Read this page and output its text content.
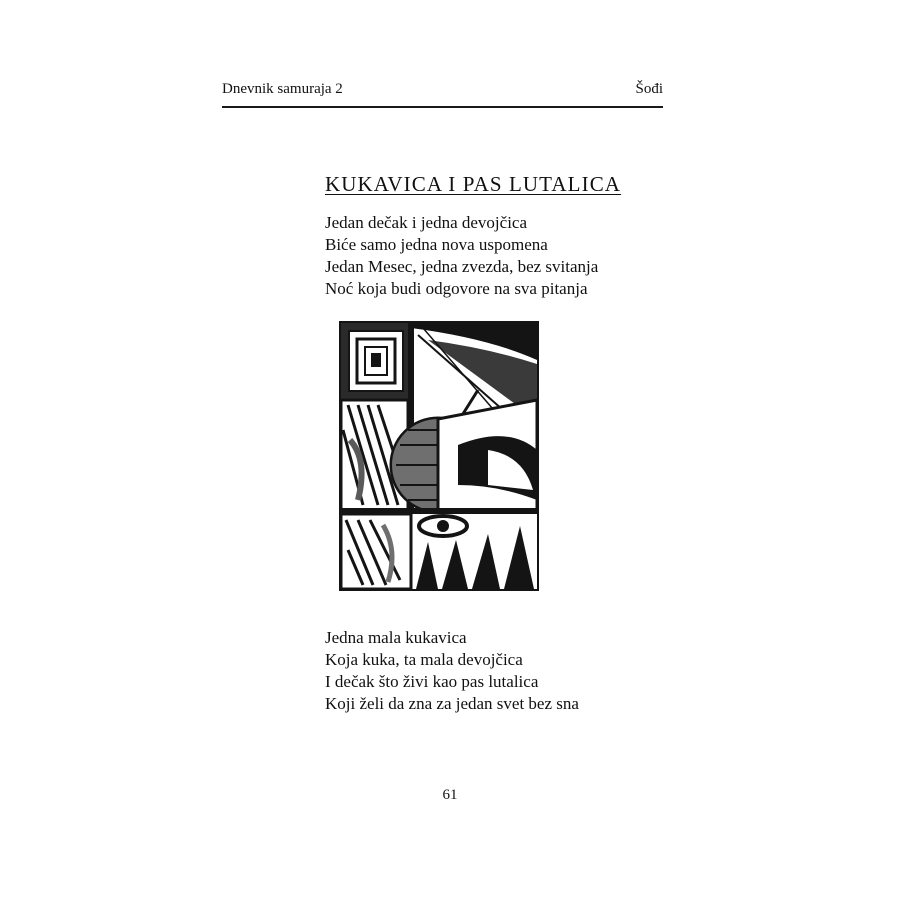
Dnevnik samuraja 2	Šođi
KUKAVICA I PAS LUTALICA
Jedan dečak i jedna devojčica
Biće samo jedna nova uspomena
Jedan Mesec, jedna zvezda, bez svitanja
Noć koja budi odgovore na sva pitanja
Jedna mala kukavica
Koja kuka, ta mala devojčica
I dečak što živi kao pas lutalica
Koji želi da zna za jedan svet bez sna
61
